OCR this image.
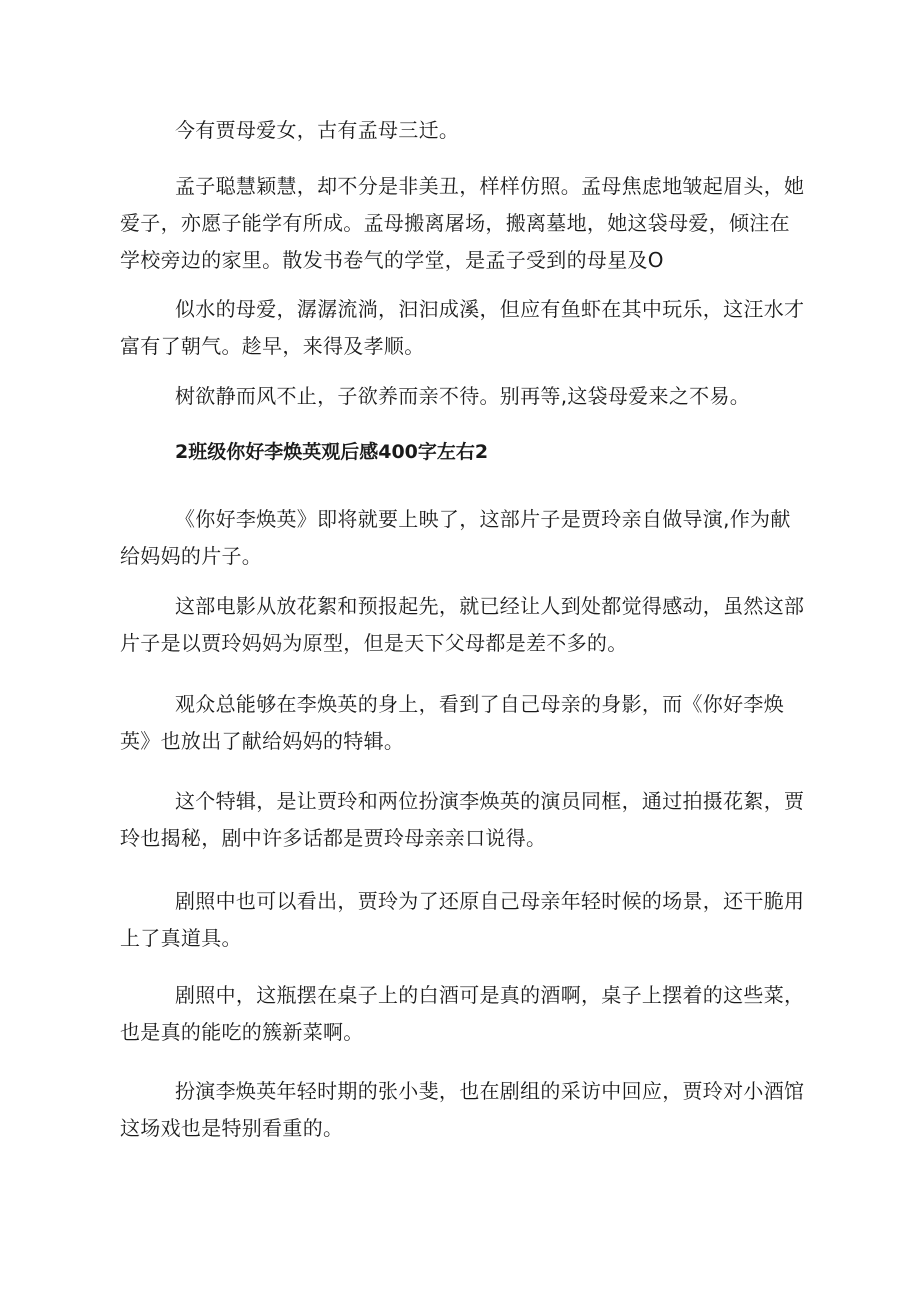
今有贾母爱女，古有孟母三迁。

孟子聪慧颖慧，却不分是非美丑，样样仿照。孟母焦虑地皱起眉头，她爱子，亦愿子能学有所成。孟母搬离屠场，搬离墓地，她这袋母爱，倾注在学校旁边的家里。散发书卷气的学堂，是孟子受到的母星及O

似水的母爱，潺潺流淌，汩汩成溪，但应有鱼虾在其中玩乐，这汪水才富有了朝气。趁早，来得及孝顺。

树欲静而风不止，子欲养而亲不待。别再等,这袋母爱来之不易。

2班级你好李焕英观后感400字左右2

《你好李焕英》即将就要上映了，这部片子是贾玲亲自做导演,作为献给妈妈的片子。

这部电影从放花絮和预报起先，就已经让人到处都觉得感动，虽然这部片子是以贾玲妈妈为原型，但是天下父母都是差不多的。

观众总能够在李焕英的身上，看到了自己母亲的身影，而《你好李焕英》也放出了献给妈妈的特辑。

这个特辑，是让贾玲和两位扮演李焕英的演员同框，通过拍摄花絮，贾玲也揭秘，剧中许多话都是贾玲母亲亲口说得。

剧照中也可以看出，贾玲为了还原自己母亲年轻时候的场景，还干脆用上了真道具。

剧照中，这瓶摆在桌子上的白酒可是真的酒啊，桌子上摆着的这些菜，也是真的能吃的簇新菜啊。

扮演李焕英年轻时期的张小斐，也在剧组的采访中回应，贾玲对小酒馆这场戏也是特别看重的。
